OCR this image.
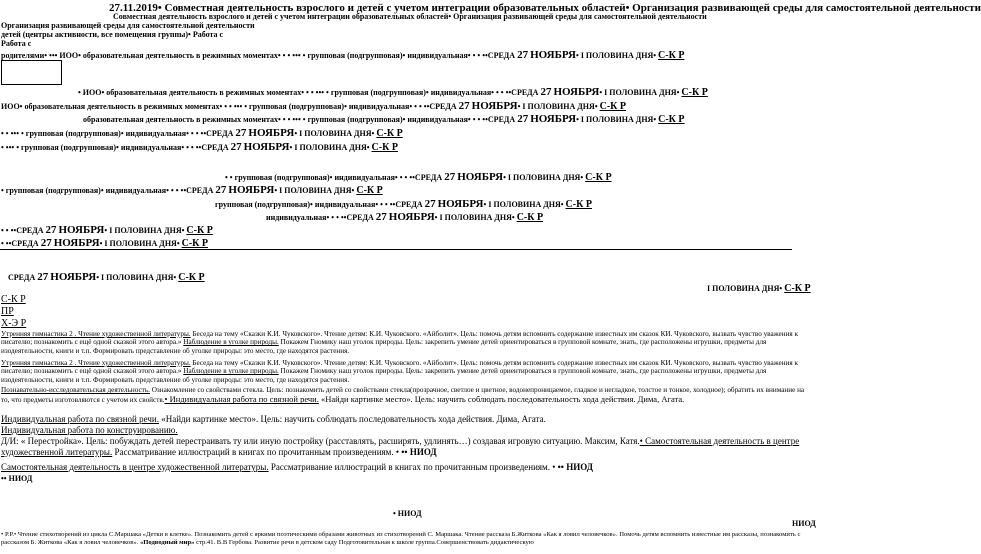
27.11.2019• Совместная деятельность взрослого и детей с учетом интеграции образовательных областей• Организация развивающей среды для самостоятельной деятельности
Совместная деятельность взрослого и детей с учетом интеграции образовательных областей• Организация развивающей среды для самостоятельной деятельности
Организация развивающей среды для самостоятельной деятельности
детей (центры активности, все помещения группы)• Работа с
Работа с
родителями• ••• ИОО• образовательная деятельность в режимных моментах• • • ••• • групповая (подгрупповая)• индивидуальная• • • ••СРЕДА 27 НОЯБРЯ• I ПОЛОВИНА ДНЯ• С-К Р
• ИОО• образовательная деятельность в режимных моментах• • • ••• • групповая (подгрупповая)• индивидуальная• • • ••СРЕДА 27 НОЯБРЯ• I ПОЛОВИНА ДНЯ• С-К Р
ИОО• образовательная деятельность в режимных моментах• • • ••• • групповая (подгрупповая)• индивидуальная• • • ••СРЕДА 27 НОЯБРЯ• I ПОЛОВИНА ДНЯ• С-К Р
образовательная деятельность в режимных моментах• • • ••• • групповая (подгрупповая)• индивидуальная• • • ••СРЕДА 27 НОЯБРЯ• I ПОЛОВИНА ДНЯ• С-К Р
• • ••• • групповая (подгрупповая)• индивидуальная• • • ••СРЕДА 27 НОЯБРЯ• I ПОЛОВИНА ДНЯ• С-К Р
• ••• • групповая (подгрупповая)• индивидуальная• • • ••СРЕДА 27 НОЯБРЯ• I ПОЛОВИНА ДНЯ• С-К Р
• • групповая (подгрупповая)• индивидуальная• • • ••СРЕДА 27 НОЯБРЯ• I ПОЛОВИНА ДНЯ• С-К Р
• групповая (подгрупповая)• индивидуальная• • • ••СРЕДА 27 НОЯБРЯ• I ПОЛОВИНА ДНЯ• С-К Р
групповая (подгрупповая)• индивидуальная• • • ••СРЕДА 27 НОЯБРЯ• I ПОЛОВИНА ДНЯ• С-К Р
индивидуальная• • • ••СРЕДА 27 НОЯБРЯ• I ПОЛОВИНА ДНЯ• С-К Р
• • ••СРЕДА 27 НОЯБРЯ• I ПОЛОВИНА ДНЯ• С-К Р
• ••СРЕДА 27 НОЯБРЯ• I ПОЛОВИНА ДНЯ• С-К Р
СРЕДА 27 НОЯБРЯ• I ПОЛОВИНА ДНЯ• С-К Р
I ПОЛОВИНА ДНЯ• С-К Р
С-К Р
ПР
Х-Э Р
Утренняя гимнастика 2 . Чтение художественной литературы. Беседа на тему «Сказки К.И. Чуковского». Чтение детям: К.И. Чуковского. «Айболит». Цель: помочь детям вспомнить содержание известных им сказок КИ. Чуковского, вызвать чувство уважения к писателю; познакомить с ещё одной сказкой этого автора.» Наблюдение в уголке природы. Покажем Гномику наш уголок природы. Цель: закрепить умение детей ориентироваться в групповой комнате, знать, где расположены игрушки, предметы для изодеятельности, книги и т.п. Формировать представление об уголке природы: это место, где находятся растения.
Утренняя гимнастика 2 . Чтение художественной литературы. Беседа на тему «Сказки К.И. Чуковского». Чтение детям: К.И. Чуковского. «Айболит». Цель: помочь детям вспомнить содержание известных им сказок КИ. Чуковского, вызвать чувство уважения к писателю; познакомить с ещё одной сказкой этого автора.» Наблюдение в уголке природы. Покажем Гномику наш уголок природы. Цель: закрепить умение детей ориентироваться в групповой комнате, знать, где расположены игрушки, предметы для изодеятельности, книги и т.п. Формировать представление об уголке природы: это место, где находятся растения.
Познавательно-исследовательская деятельность. Ознакомление со свойствами стекла. Цель: познакомить детей со свойствами стекла(прозрачное, светлое и цветное, водонепроницаемое, гладкое и негладкое, толстое и тонкое, холодное); обратить их внимание на то, что предметы изготовляются с учетом их свойств.• Индивидуальная работа по связной речи. «Найди картинке место». Цель: научить соблюдать последовательность хода действия. Дима, Агата.
Индивидуальная работа по связной речи. «Найди картинке место». Цель: научить соблюдать последовательность хода действия. Дима, Агата.
Индивидуальная работа по конструированию.
Д/И: « Перестройка». Цель: побуждать детей перестраивать ту или иную постройку (расставлять, расширять, удлинять…) создавая игровую ситуацию. Максим, Катя.• Самостоятельная деятельность в центре художественной литературы. Рассматривание иллюстраций в книгах по прочитанным произведениям. • •• НИОД
Самостоятельная деятельность в центре художественной литературы. Рассматривание иллюстраций в книгах по прочитанным произведениям. • •• НИОД
•• НИОД
• НИОД
НИОД
• Р.Р.• Чтение стихотворений из цикла С.Маршака «Детки в клетке». Познакомить детей с яркими поэтическими образами животных из стихотворений С. Маршака. Чтение рассказа Б.Житкова «Как я ловил человечков». Помочь детям вспомнить известные им рассказы, познакомить с рассказом Б. Житкова «Как я ловил человечков». «Подводный мир» стр.41. В.В Гербова. Развитие речи в детском саду Подготовительная к школе группа.Совершенствовать дидактическую
